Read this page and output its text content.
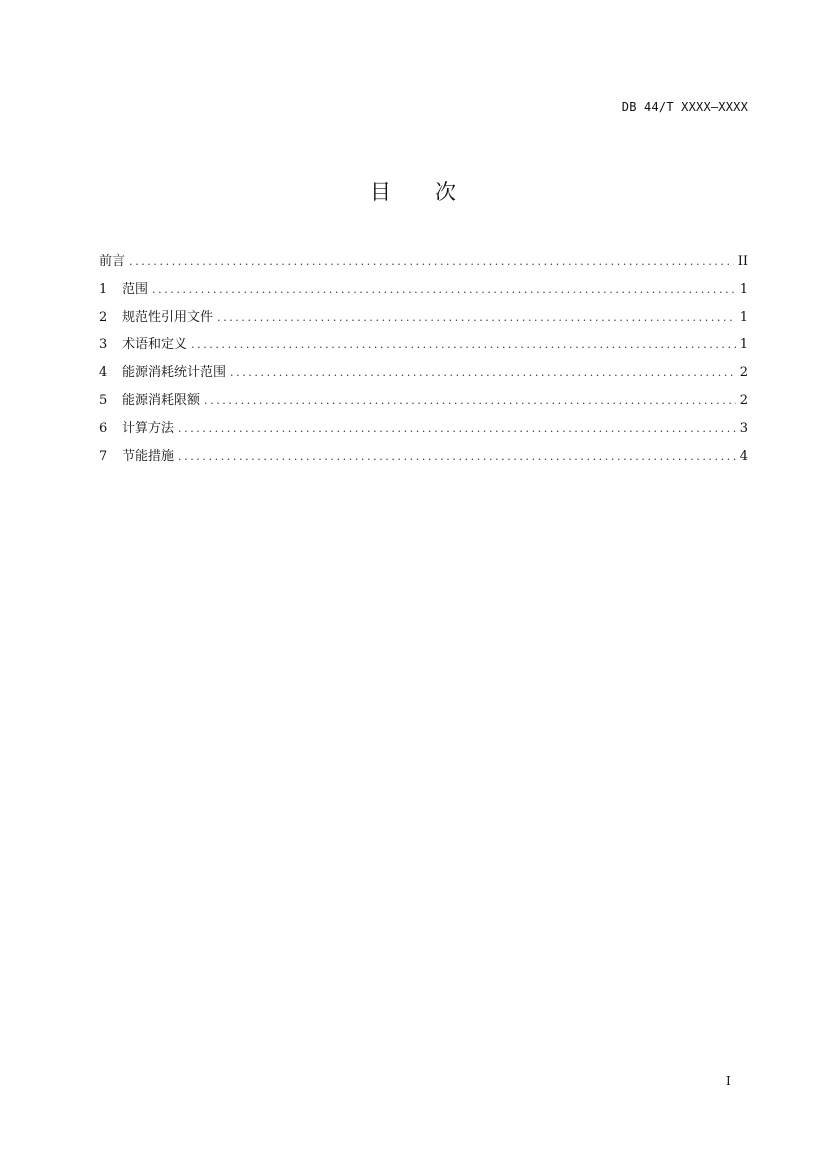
DB 44/T XXXX—XXXX
目 次
前言 .....	II
1	范围 .....	1
2	规范性引用文件 .....	1
3	术语和定义 .....	1
4	能源消耗统计范围 .....	2
5	能源消耗限额 .....	2
6	计算方法 .....	3
7	节能措施 .....	4
I
